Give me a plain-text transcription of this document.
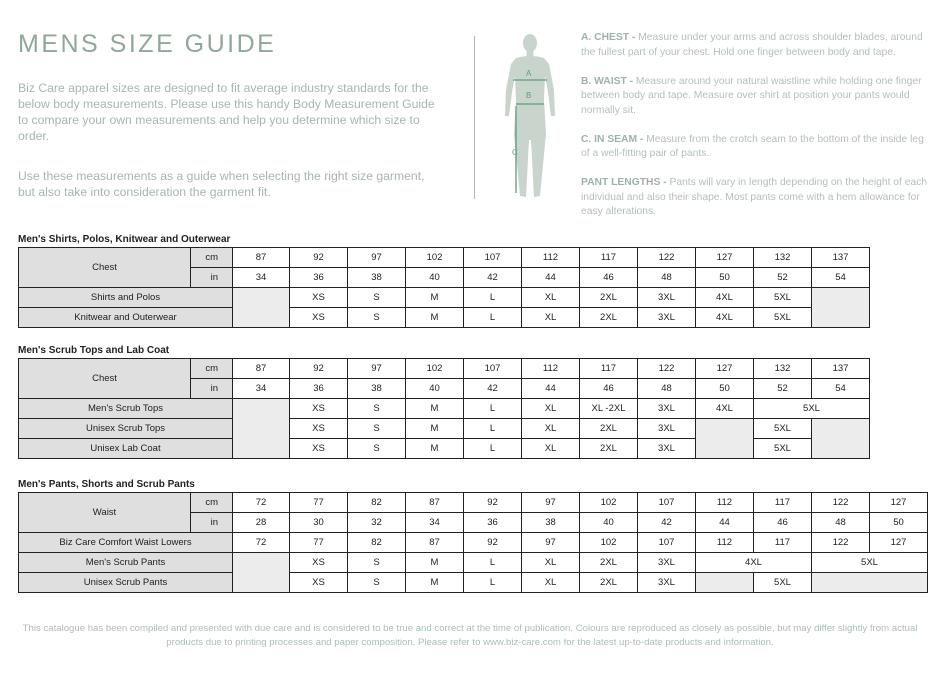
MENS SIZE GUIDE
Biz Care apparel sizes are designed to fit average industry standards for the below body measurements. Please use this handy Body Measurement Guide to compare your own measurements and help you determine which size to order.
Use these measurements as a guide when selecting the right size garment, but also take into consideration the garment fit.
A
B
C
A. CHEST - Measure under your arms and across shoulder blades, around the fullest part of your chest. Hold one finger between body and tape.
B. WAIST - Measure around your natural waistline while holding one finger between body and tape. Measure over shirt at position your pants would normally sit.
C. IN SEAM - Measure from the crotch seam to the bottom of the inside leg of a well-fitting pair of pants.
PANT LENGTHS - Pants will vary in length depending on the height of each individual and also their shape. Most pants come with a hem allowance for easy alterations.
Men's Shirts, Polos, Knitwear and Outerwear
Chest	cm	87	92	97	102	107	112	117	122	127	132	137
	in	34	36	38	40	42	44	46	48	50	52	54
Shirts and Polos			XS	S	M	L	XL	2XL	3XL	4XL	5XL	
Knitwear and Outerwear			XS	S	M	L	XL	2XL	3XL	4XL	5XL	
Men's Scrub Tops and Lab Coat
Chest	cm	87	92	97	102	107	112	117	122	127	132	137
	in	34	36	38	40	42	44	46	48	50	52	54
Men's Scrub Tops			XS	S	M	L	XL	XL -2XL	3XL	4XL	5XL	
Unisex Scrub Tops			XS	S	M	L	XL	2XL	3XL		5XL	
Unisex Lab Coat			XS	S	M	L	XL	2XL	3XL		5XL	
Men's Pants, Shorts and Scrub Pants
Waist	cm	72	77	82	87	92	97	102	107	112	117	122	127
	in	28	30	32	34	36	38	40	42	44	46	48	50
Biz Care Comfort Waist Lowers		72	77	82	87	92	97	102	107	112	117	122	127
Men's Scrub Pants			XS	S	M	L	XL	2XL	3XL	4XL		5XL	
Unisex Scrub Pants			XS	S	M	L	XL	2XL	3XL		5XL		
This catalogue has been compiled and presented with due care and is considered to be true and correct at the time of publication. Colours are reproduced as closely as possible, but may differ slightly from actual products due to printing processes and paper composition. Please refer to www.biz-care.com for the latest up-to-date products and information.
